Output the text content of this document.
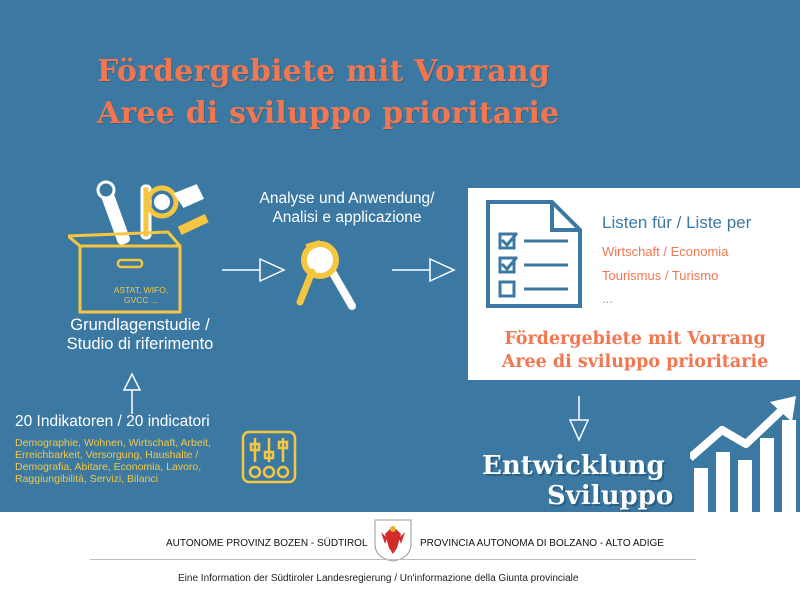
Fördergebiete mit Vorrang
Aree di sviluppo prioritarie
ASTAT, WIFO,
GVCC ...
Grundlagenstudie /
Studio di riferimento
Analyse und Anwendung/
Analisi e applicazione	Listen für / Liste per
Wirtschaft / Economia
Tourismus / Turismo
...
Fördergebiete mit Vorrang
Aree di sviluppo prioritarie
20 Indikatoren / 20 indicatori
Demographie, Wohnen, Wirtschaft, Arbeit,
Erreichbarkeit, Versorgung, Haushalte /
Demografia, Abitare, Economia, Lavoro,
Raggiungibilità, Servizi, Bilanci	Entwicklung
Sviluppo
AUTONOME PROVINZ BOZEN - SÜDTIROL	PROVINCIA AUTONOMA DI BOLZANO - ALTO ADIGE
Eine Information der Südtiroler Landesregierung / Un'informazione della Giunta provinciale
